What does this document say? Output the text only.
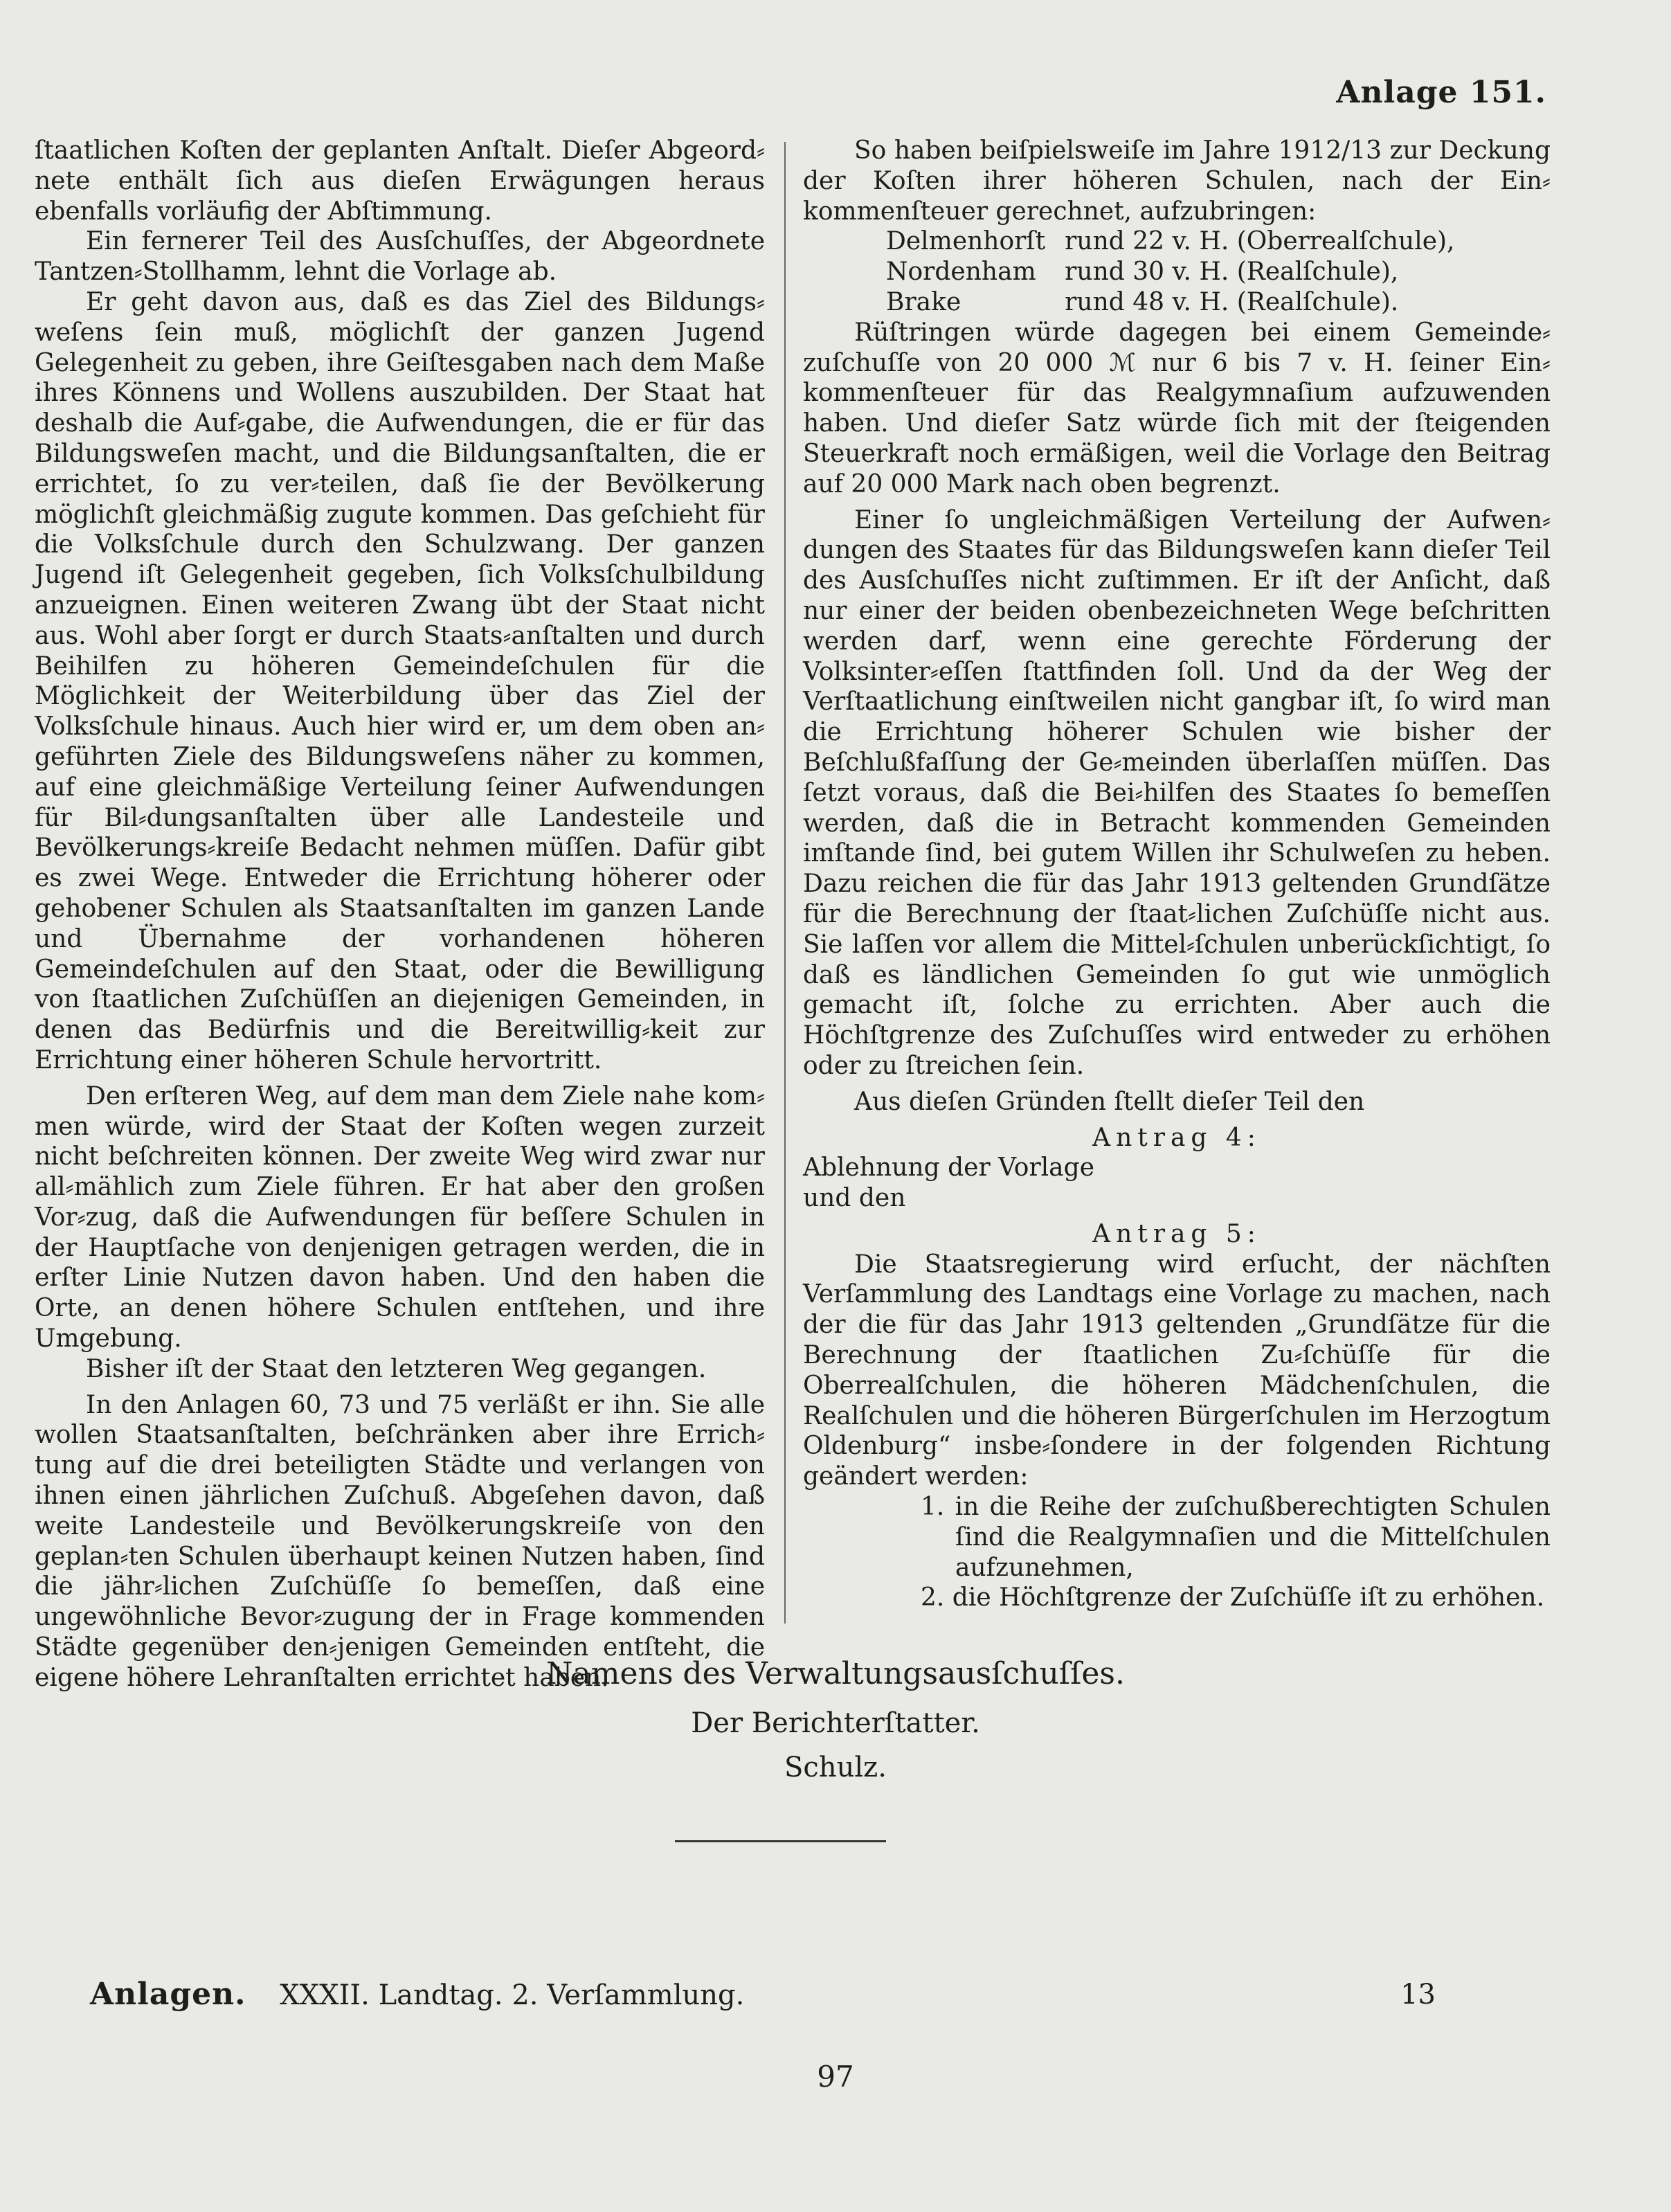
Anlage 151.

ſtaatlichen Koſten der geplanten Anſtalt. Dieſer Abgeord⸗nete enthält ſich aus dieſen Erwägungen heraus ebenfalls vorläufig der Abſtimmung.

Ein fernerer Teil des Ausſchuſſes, der Abgeordnete Tantzen⸗Stollhamm, lehnt die Vorlage ab.

Er geht davon aus, daß es das Ziel des Bildungs⸗weſens ſein muß, möglichſt der ganzen Jugend Gelegenheit zu geben, ihre Geiſtesgaben nach dem Maße ihres Könnens und Wollens auszubilden. Der Staat hat deshalb die Auf⸗gabe, die Aufwendungen, die er für das Bildungsweſen macht, und die Bildungsanſtalten, die er errichtet, ſo zu ver⸗teilen, daß ſie der Bevölkerung möglichſt gleichmäßig zugute kommen. Das geſchieht für die Volksſchule durch den Schulzwang. Der ganzen Jugend iſt Gelegenheit gegeben, ſich Volksſchulbildung anzueignen. Einen weiteren Zwang übt der Staat nicht aus. Wohl aber ſorgt er durch Staats⸗anſtalten und durch Beihilfen zu höheren Gemeindeſchulen für die Möglichkeit der Weiterbildung über das Ziel der Volksſchule hinaus. Auch hier wird er, um dem oben an⸗geführten Ziele des Bildungsweſens näher zu kommen, auf eine gleichmäßige Verteilung ſeiner Aufwendungen für Bil⸗dungsanſtalten über alle Landesteile und Bevölkerungs⸗kreiſe Bedacht nehmen müſſen. Dafür gibt es zwei Wege. Entweder die Errichtung höherer oder gehobener Schulen als Staatsanſtalten im ganzen Lande und Übernahme der vorhandenen höheren Gemeindeſchulen auf den Staat, oder die Bewilligung von ſtaatlichen Zuſchüſſen an diejenigen Gemeinden, in denen das Bedürfnis und die Bereitwillig⸗keit zur Errichtung einer höheren Schule hervortritt.

Den erſteren Weg, auf dem man dem Ziele nahe kom⸗men würde, wird der Staat der Koſten wegen zurzeit nicht beſchreiten können. Der zweite Weg wird zwar nur all⸗mählich zum Ziele führen. Er hat aber den großen Vor⸗zug, daß die Aufwendungen für beſſere Schulen in der Hauptſache von denjenigen getragen werden, die in erſter Linie Nutzen davon haben. Und den haben die Orte, an denen höhere Schulen entſtehen, und ihre Umgebung.

Bisher iſt der Staat den letzteren Weg gegangen.

In den Anlagen 60, 73 und 75 verläßt er ihn. Sie alle wollen Staatsanſtalten, beſchränken aber ihre Errich⸗tung auf die drei beteiligten Städte und verlangen von ihnen einen jährlichen Zuſchuß. Abgeſehen davon, daß weite Landesteile und Bevölkerungskreiſe von den geplan⸗ten Schulen überhaupt keinen Nutzen haben, ſind die jähr⸗lichen Zuſchüſſe ſo bemeſſen, daß eine ungewöhnliche Bevor⸗zugung der in Frage kommenden Städte gegenüber den⸗jenigen Gemeinden entſteht, die eigene höhere Lehranſtalten errichtet haben.

So haben beiſpielsweiſe im Jahre 1912/13 zur Deckung der Koſten ihrer höheren Schulen, nach der Ein⸗kommenſteuer gerechnet, aufzubringen:

Delmenhorſt	rund 22 v. H. (Oberrealſchule),
Nordenham	rund 30 v. H. (Realſchule),
Brake	rund 48 v. H. (Realſchule).

Rüſtringen würde dagegen bei einem Gemeinde⸗zuſchuſſe von 20 000 ℳ nur 6 bis 7 v. H. ſeiner Ein⸗kommenſteuer für das Realgymnaſium aufzuwenden haben. Und dieſer Satz würde ſich mit der ſteigenden Steuerkraft noch ermäßigen, weil die Vorlage den Beitrag auf 20 000 Mark nach oben begrenzt.

Einer ſo ungleichmäßigen Verteilung der Aufwen⸗dungen des Staates für das Bildungsweſen kann dieſer Teil des Ausſchuſſes nicht zuſtimmen. Er iſt der Anſicht, daß nur einer der beiden obenbezeichneten Wege beſchritten werden darf, wenn eine gerechte Förderung der Volksinter⸗eſſen ſtattfinden ſoll. Und da der Weg der Verſtaatlichung einſtweilen nicht gangbar iſt, ſo wird man die Errichtung höherer Schulen wie bisher der Beſchlußfaſſung der Ge⸗meinden überlaſſen müſſen. Das ſetzt voraus, daß die Bei⸗hilfen des Staates ſo bemeſſen werden, daß die in Betracht kommenden Gemeinden imſtande ſind, bei gutem Willen ihr Schulweſen zu heben. Dazu reichen die für das Jahr 1913 geltenden Grundſätze für die Berechnung der ſtaat⸗lichen Zuſchüſſe nicht aus. Sie laſſen vor allem die Mittel⸗ſchulen unberückſichtigt, ſo daß es ländlichen Gemeinden ſo gut wie unmöglich gemacht iſt, ſolche zu errichten. Aber auch die Höchſtgrenze des Zuſchuſſes wird entweder zu erhöhen oder zu ſtreichen ſein.

Aus dieſen Gründen ſtellt dieſer Teil den

Antrag 4:

Ablehnung der Vorlage

und den

Antrag 5:

Die Staatsregierung wird erſucht, der nächſten Verſammlung des Landtags eine Vorlage zu machen, nach der die für das Jahr 1913 geltenden „Grundſätze für die Berechnung der ſtaatlichen Zu⸗ſchüſſe für die Oberrealſchulen, die höheren Mädchenſchulen, die Realſchulen und die höheren Bürgerſchulen im Herzogtum Oldenburg“ insbe⸗ſondere in der folgenden Richtung geändert werden:

1. in die Reihe der zuſchußberechtigten Schulen ſind die Realgymnaſien und die Mittelſchulen aufzunehmen,
2. die Höchſtgrenze der Zuſchüſſe iſt zu erhöhen.
Namens des Verwaltungsausſchuſſes.
Der Berichterſtatter.
Schulz.
Anlagen. XXXII. Landtag. 2. Verſammlung.	13
97
